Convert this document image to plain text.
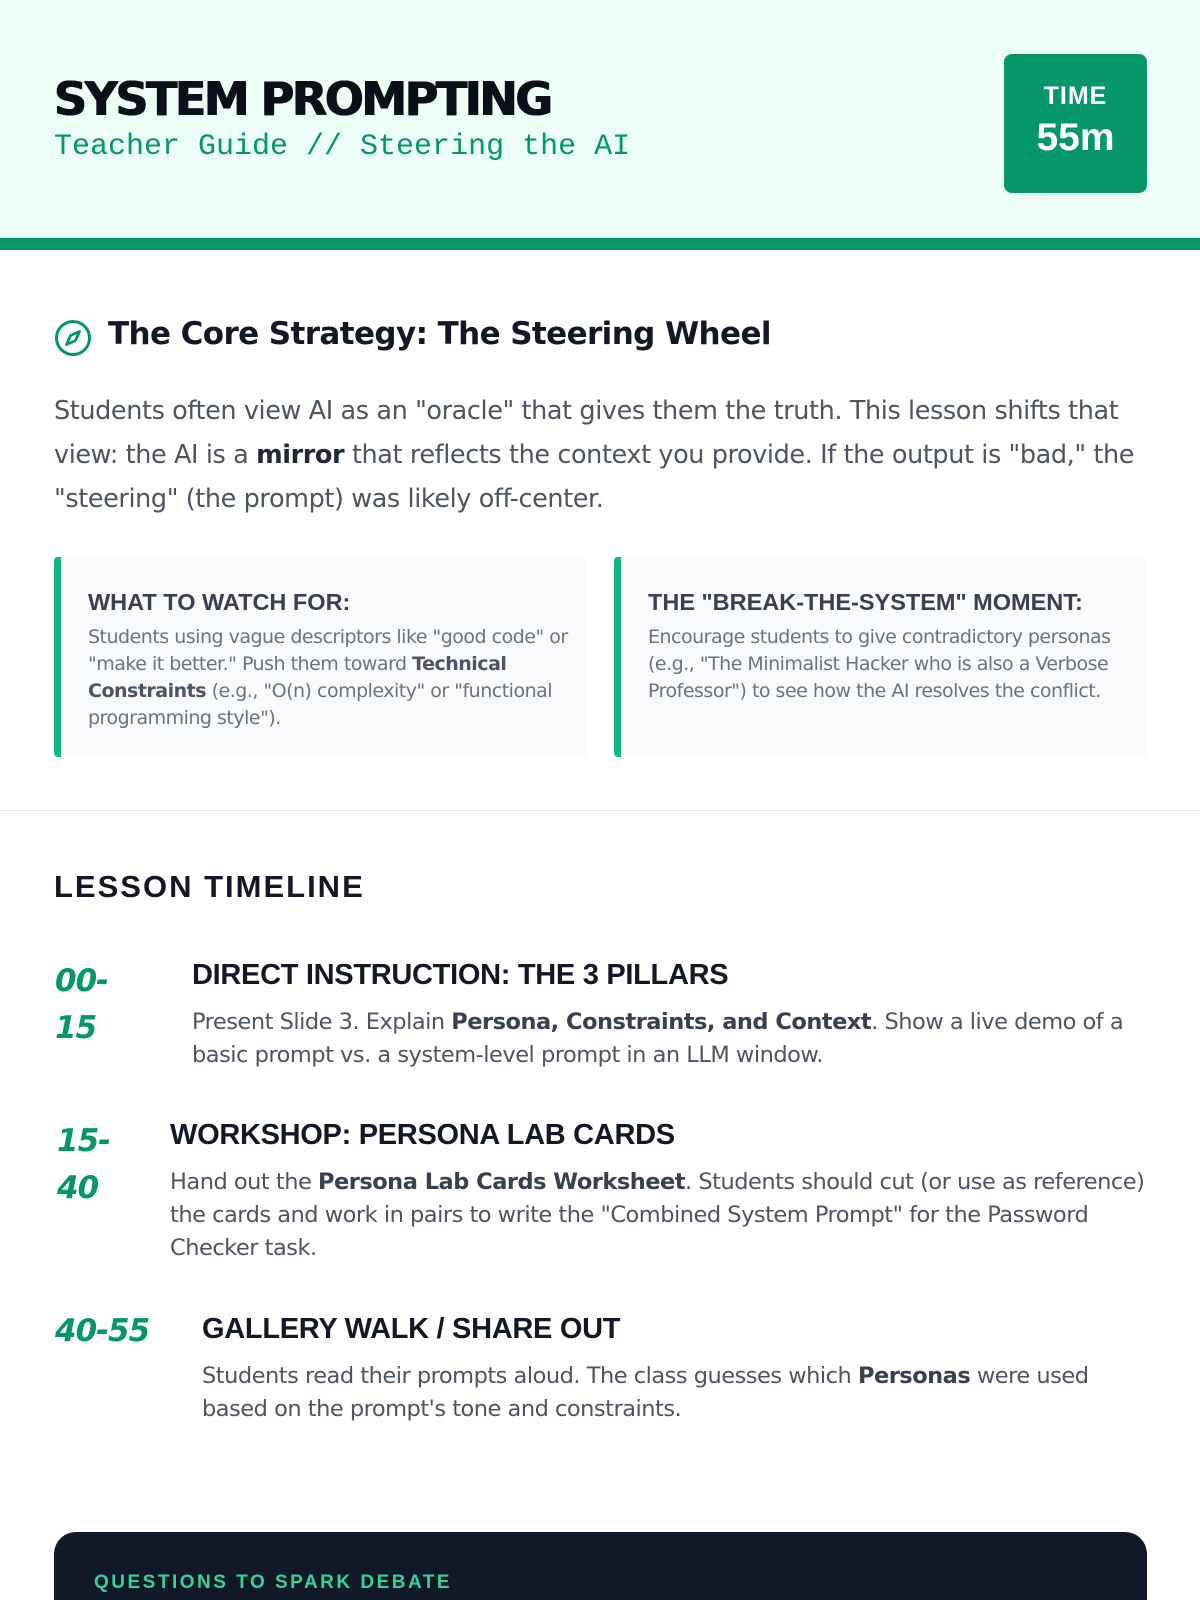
SYSTEM PROMPTING
Teacher Guide // Steering the AI
TIME
55m
The Core Strategy: The Steering Wheel
Students often view AI as an "oracle" that gives them the truth. This lesson shifts that view: the AI is a mirror that reflects the context you provide. If the output is "bad," the "steering" (the prompt) was likely off-center.
WHAT TO WATCH FOR:
Students using vague descriptors like "good code" or "make it better." Push them toward Technical Constraints (e.g., "O(n) complexity" or "functional programming style").
THE "BREAK-THE-SYSTEM" MOMENT:
Encourage students to give contradictory personas (e.g., "The Minimalist Hacker who is also a Verbose Professor") to see how the AI resolves the conflict.
LESSON TIMELINE
00-
15
DIRECT INSTRUCTION: THE 3 PILLARS
Present Slide 3. Explain Persona, Constraints, and Context. Show a live demo of a basic prompt vs. a system-level prompt in an LLM window.
15-
40
WORKSHOP: PERSONA LAB CARDS
Hand out the Persona Lab Cards Worksheet. Students should cut (or use as reference) the cards and work in pairs to write the "Combined System Prompt" for the Password Checker task.
40-55 GALLERY WALK / SHARE OUT
Students read their prompts aloud. The class guesses which Personas were used based on the prompt's tone and constraints.
QUESTIONS TO SPARK DEBATE
